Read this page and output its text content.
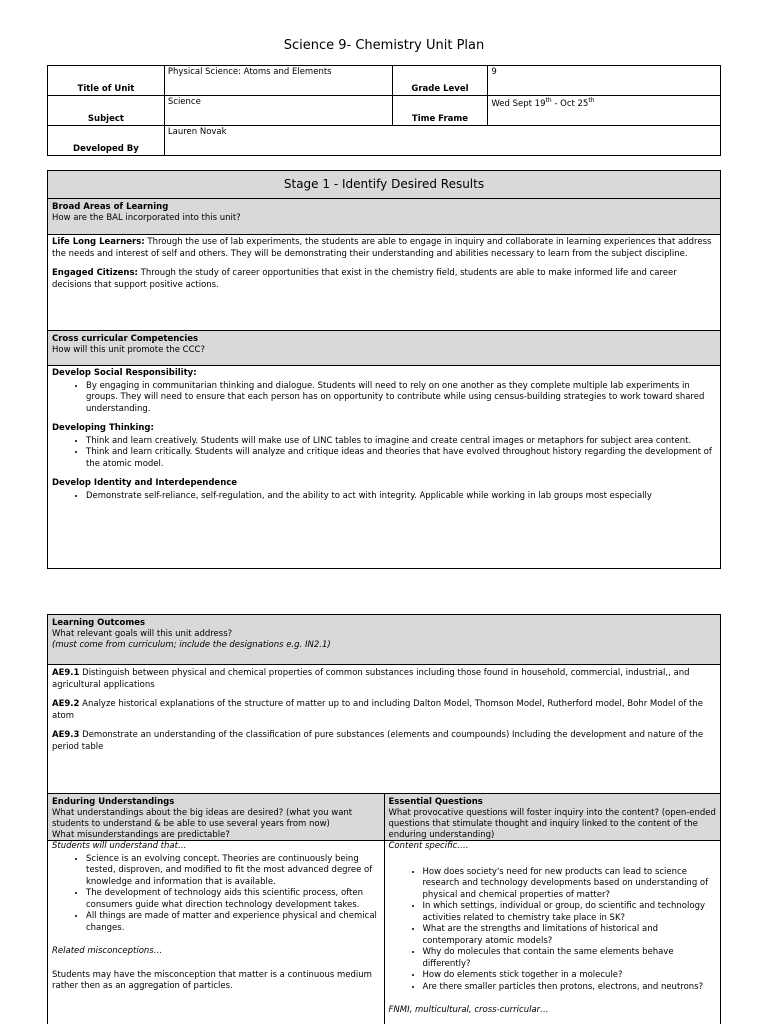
Science 9- Chemistry Unit Plan
Title of Unit	Physical Science: Atoms and Elements	Grade Level	9
Subject	Science	Time Frame	Wed Sept 19th - Oct 25th
Developed By	Lauren Novak		
Stage 1 - Identify Desired Results
Broad Areas of Learning
How are the BAL incorporated into this unit?
Life Long Learners: Through the use of lab experiments, the students are able to engage in inquiry and collaborate in learning experiences that address the needs and interest of self and others. They will be demonstrating their understanding and abilities necessary to learn from the subject discipline.
Engaged Citizens: Through the study of career opportunities that exist in the chemistry field, students are able to make informed life and career decisions that support positive actions.
Cross curricular Competencies
How will this unit promote the CCC?
Develop Social Responsibility:
• By engaging in communitarian thinking and dialogue. Students will need to rely on one another as they complete multiple lab experiments in groups. They will need to ensure that each person has on opportunity to contribute while using census-building strategies to work toward shared understanding.
Developing Thinking:
• Think and learn creatively. Students will make use of LINC tables to imagine and create central images or metaphors for subject area content.
• Think and learn critically. Students will analyze and critique ideas and theories that have evolved throughout history regarding the development of the atomic model.
Develop Identity and Interdependence
• Demonstrate self-reliance, self-regulation, and the ability to act with integrity. Applicable while working in lab groups most especially
Learning Outcomes
What relevant goals will this unit address?
(must come from curriculum; include the designations e.g. IN2.1)
AE9.1 Distinguish between physical and chemical properties of common substances including those found in household, commercial, industrial,, and agricultural applications
AE9.2 Analyze historical explanations of the structure of matter up to and including Dalton Model, Thomson Model, Rutherford model, Bohr Model of the atom
AE9.3 Demonstrate an understanding of the classification of pure substances (elements and coumpounds) Including the development and nature of the period table
Enduring Understandings
What understandings about the big ideas are desired? (what you want students to understand & be able to use several years from now)
What misunderstandings are predictable?
Students will understand that…
• Science is an evolving concept. Theories are continuously being tested, disproven, and modified to fit the most advanced degree of knowledge and information that is available.
• The development of technology aids this scientific process, often consumers guide what direction technology development takes.
• All things are made of matter and experience physical and chemical changes.
Related misconceptions…
Students may have the misconception that matter is a continuous medium rather then as an aggregation of particles.
Essential Questions
What provocative questions will foster inquiry into the content? (open-ended questions that stimulate thought and inquiry linked to the content of the enduring understanding)
Content specific….
• How does society's need for new products can lead to science research and technology developments based on understanding of physical and chemical properties of matter?
• In which settings, individual or group, do scientific and technology activities related to chemistry take place in SK?
• What are the strengths and limitations of historical and contemporary atomic models?
• Why do molecules that contain the same elements behave differently?
• How do elements stick together in a molecule?
• Are there smaller particles then protons, electrons, and neutrons?
FNMI, multicultural, cross-curricular…
